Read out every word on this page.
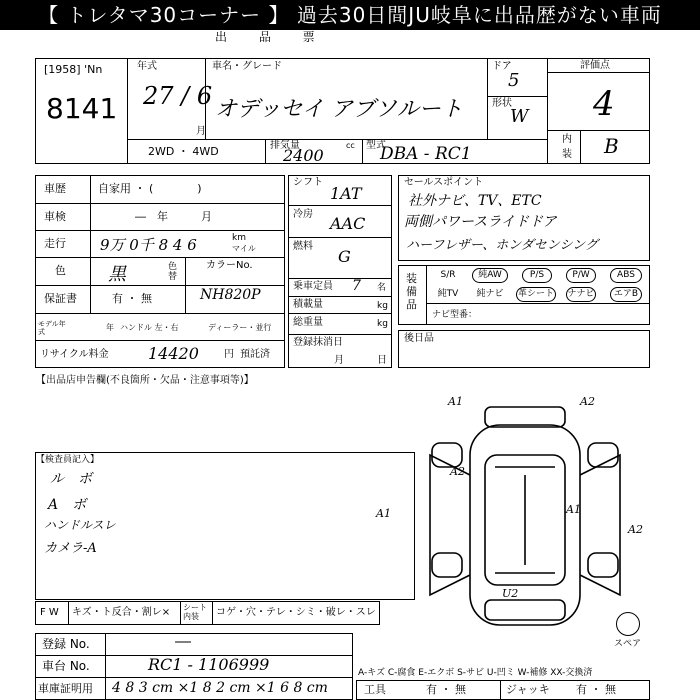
【 トレタマ30コーナー 】 過去30日間JU岐阜に出品歴がない車両
出 品 票
[1958] 'Nn
8141
年式
27 / 6
月
車名・グレード
オデッセイ アブソルート
ドア
5
形状
W
評価点
4
内
装 B
2WD ・ 4WD	排気量	cc
2400
型式
DBA - RC1
車歴	自家用 ・ (　　　　)
車検	―　年　　　月
走行 9万 0千 8 4 6	km
マイル
色 黒	色替
カラーNo.
NH820P
保証書	有 ・ 無
モデル年式	年 ハンドル 左・右	ディーラー・並行
リサイクル料金 14420	円 預託済
シフト
1AT
冷房 AAC
燃料
G
乗車定員 7 名
積載量	kg
総重量	kg
登録抹消日
月	日
セールスポイント
社外ナビ、TV、ETC
両側パワースライドドア
ハーフレザー、ホンダセンシング
装備品
S/R	純AW	P/S	P/W	ABS
純TV	純ナビ	革シート ナナビ	エアB
ナビ型番：
後日品
【出品店申告欄(不良箇所・欠品・注意事項等)】
【検査員記入】
ル　ボ
A　ボ
ハンドルスレ
カメラ-A
F W キズ・ト反合・割レ× シート内装	コゲ・穴・テレ・シミ・破レ・スレ
登録 No.	―
車台 No.	RC1 - 1106999
車庫証明用 4 8 3 cm ×1 8 2 cm ×1 6 8 cm
A1	A2
A2
A1	A1
A2
U2
スペア
A-キズ C-腐食 E-エクボ S-サビ U-凹ミ W-補修 XX-交換済
工具	有 ・ 無	ジャッキ 有 ・ 無
